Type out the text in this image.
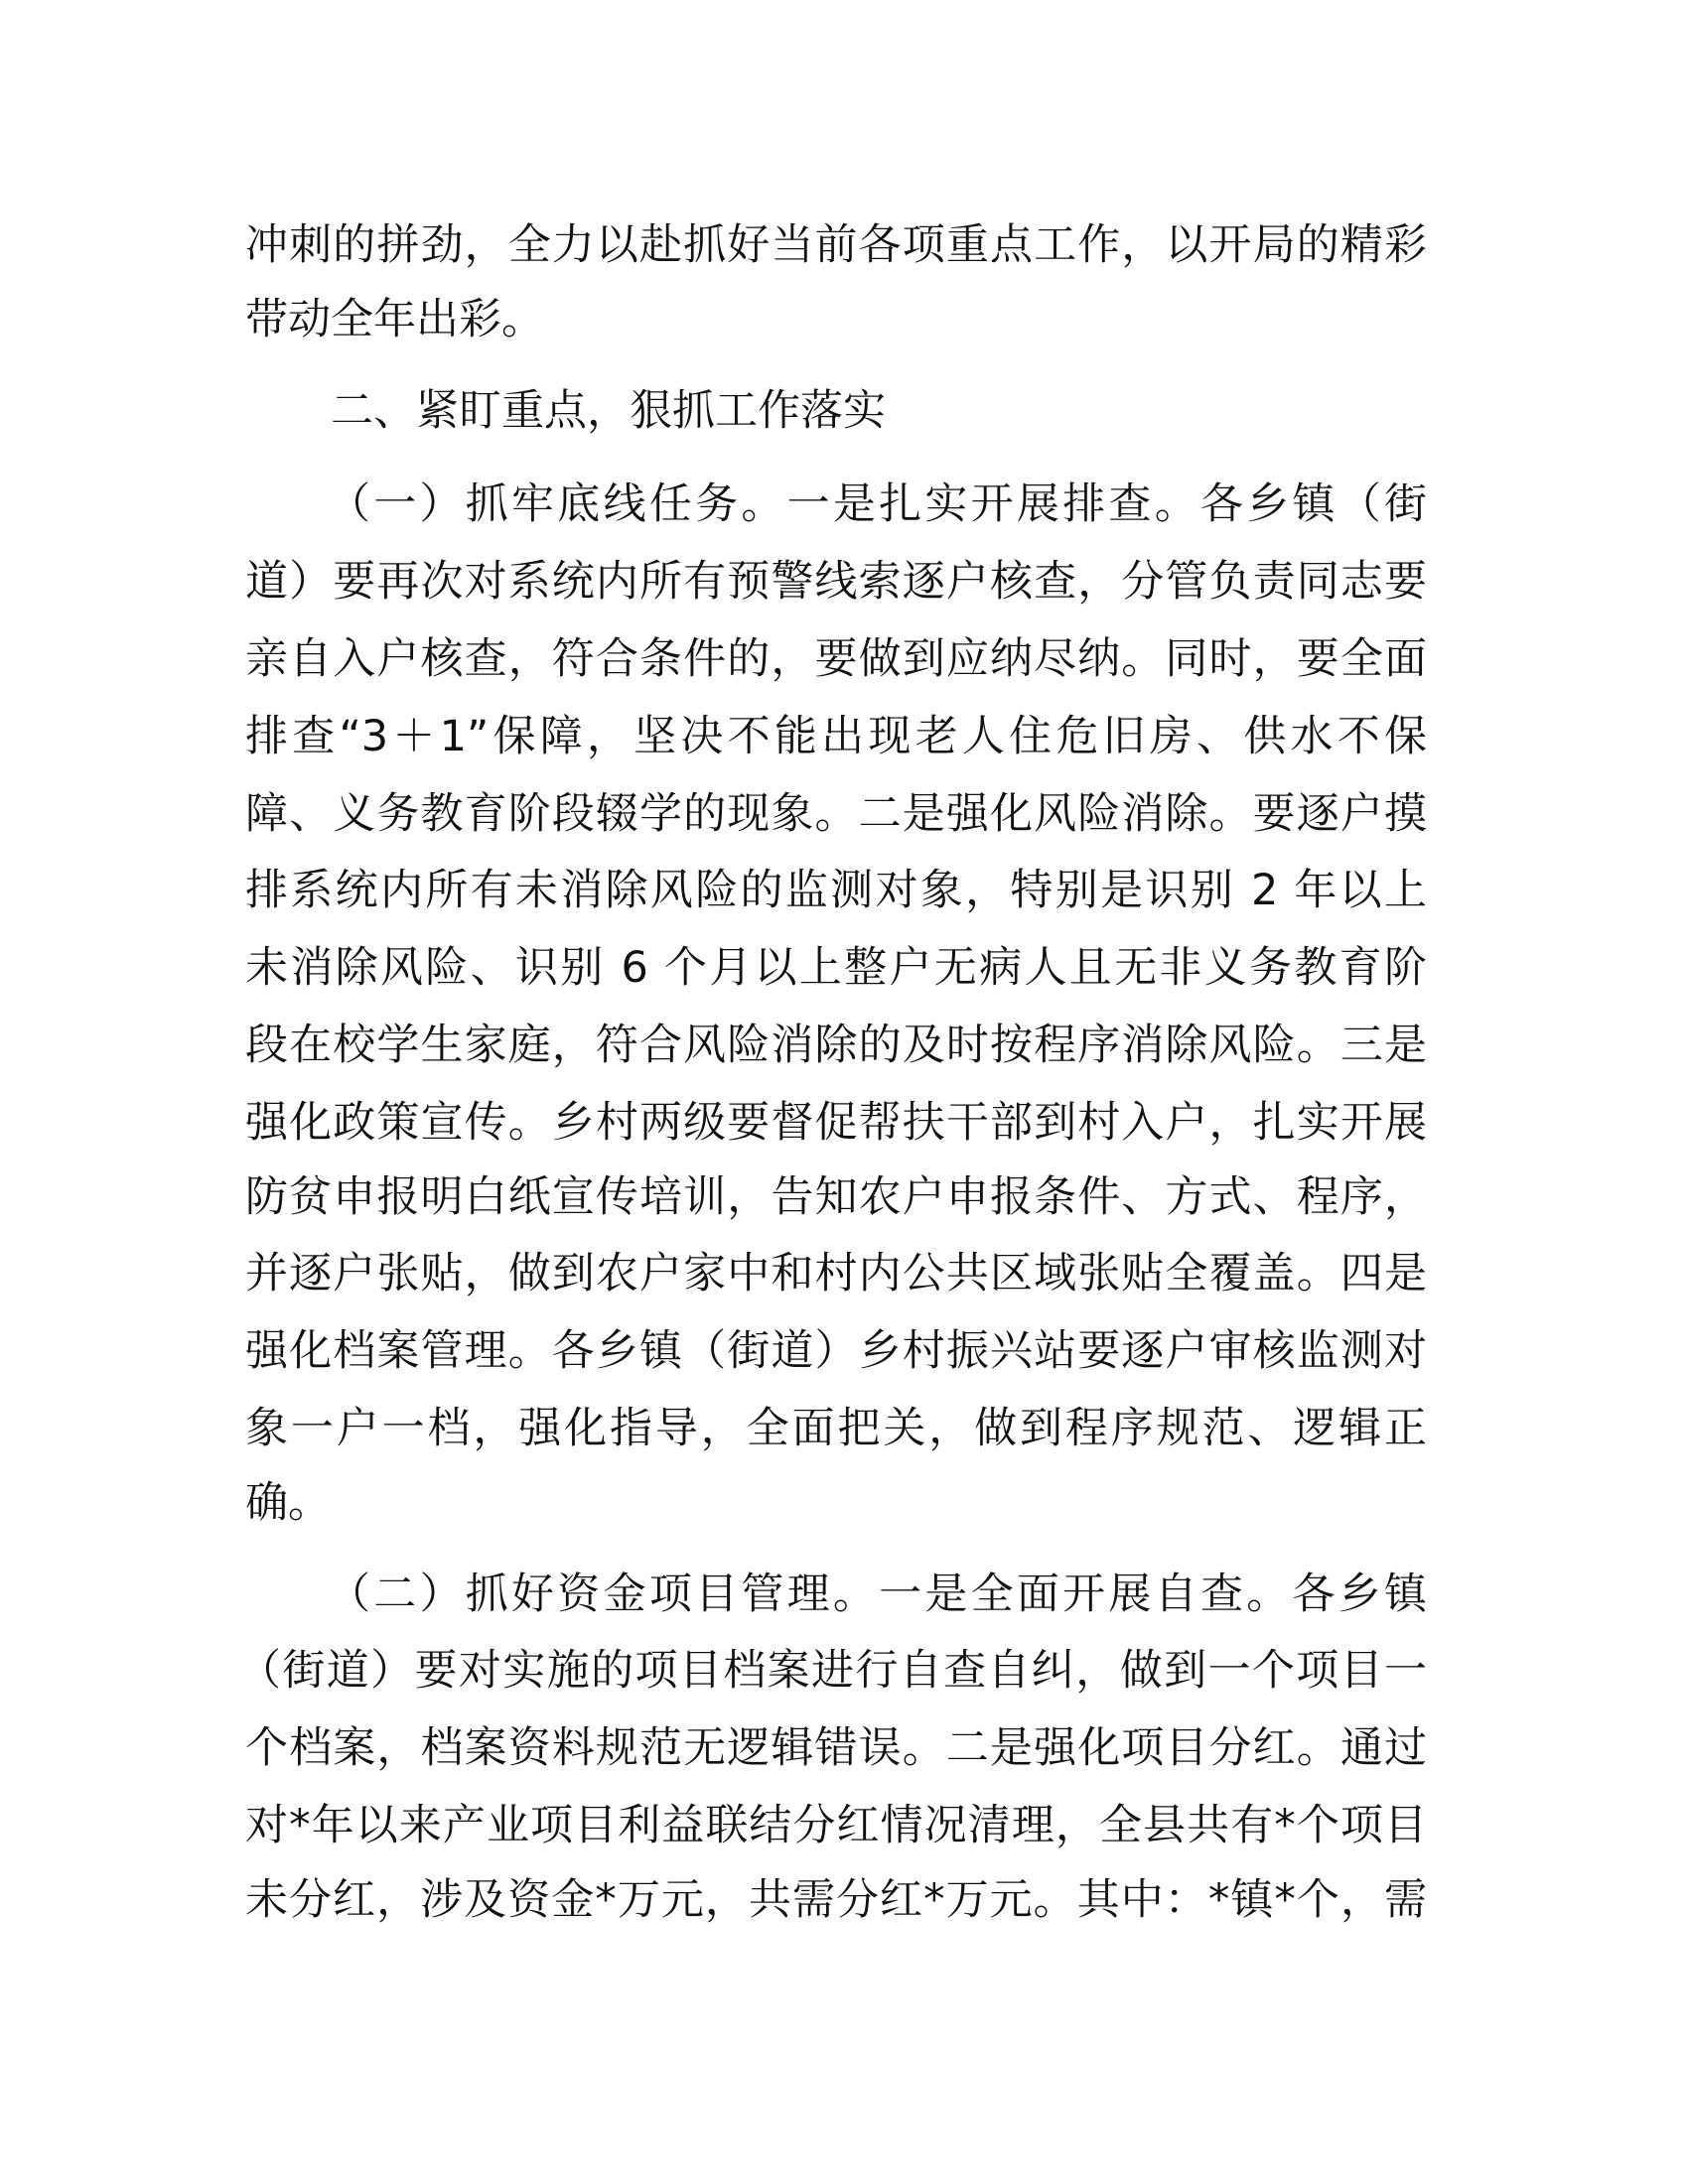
冲刺的拼劲，全力以赴抓好当前各项重点工作，以开局的精彩
带动全年出彩。
二、紧盯重点，狠抓工作落实
（一）抓牢底线任务。一是扎实开展排查。各乡镇（街
道）要再次对系统内所有预警线索逐户核查，分管负责同志要
亲自入户核查，符合条件的，要做到应纳尽纳。同时，要全面
排查“3＋1”保障，坚决不能出现老人住危旧房、供水不保
障、义务教育阶段辍学的现象。二是强化风险消除。要逐户摸
排系统内所有未消除风险的监测对象，特别是识别 2 年以上
未消除风险、识别 6 个月以上整户无病人且无非义务教育阶
段在校学生家庭，符合风险消除的及时按程序消除风险。三是
强化政策宣传。乡村两级要督促帮扶干部到村入户，扎实开展
防贫申报明白纸宣传培训，告知农户申报条件、方式、程序，
并逐户张贴，做到农户家中和村内公共区域张贴全覆盖。四是
强化档案管理。各乡镇（街道）乡村振兴站要逐户审核监测对
象一户一档，强化指导，全面把关，做到程序规范、逻辑正
确。
（二）抓好资金项目管理。一是全面开展自查。各乡镇
（街道）要对实施的项目档案进行自查自纠，做到一个项目一
个档案，档案资料规范无逻辑错误。二是强化项目分红。通过
对*年以来产业项目利益联结分红情况清理，全县共有*个项目
未分红，涉及资金*万元，共需分红*万元。其中：*镇*个，需
